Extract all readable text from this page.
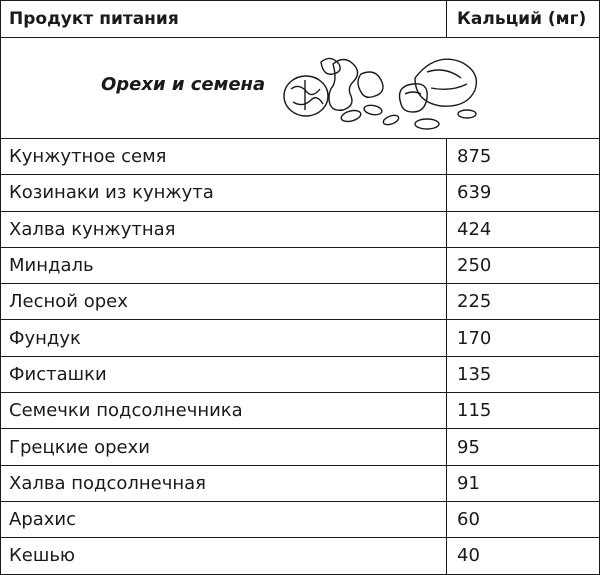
Продукт питания	Кальций (мг)
Орехи и семена
Кунжутное семя	875
Козинаки из кунжута	639
Халва кунжутная	424
Миндаль	250
Лесной орех	225
Фундук	170
Фисташки	135
Семечки подсолнечника	115
Грецкие орехи	95
Халва подсолнечная	91
Арахис	60
Кешью	40
